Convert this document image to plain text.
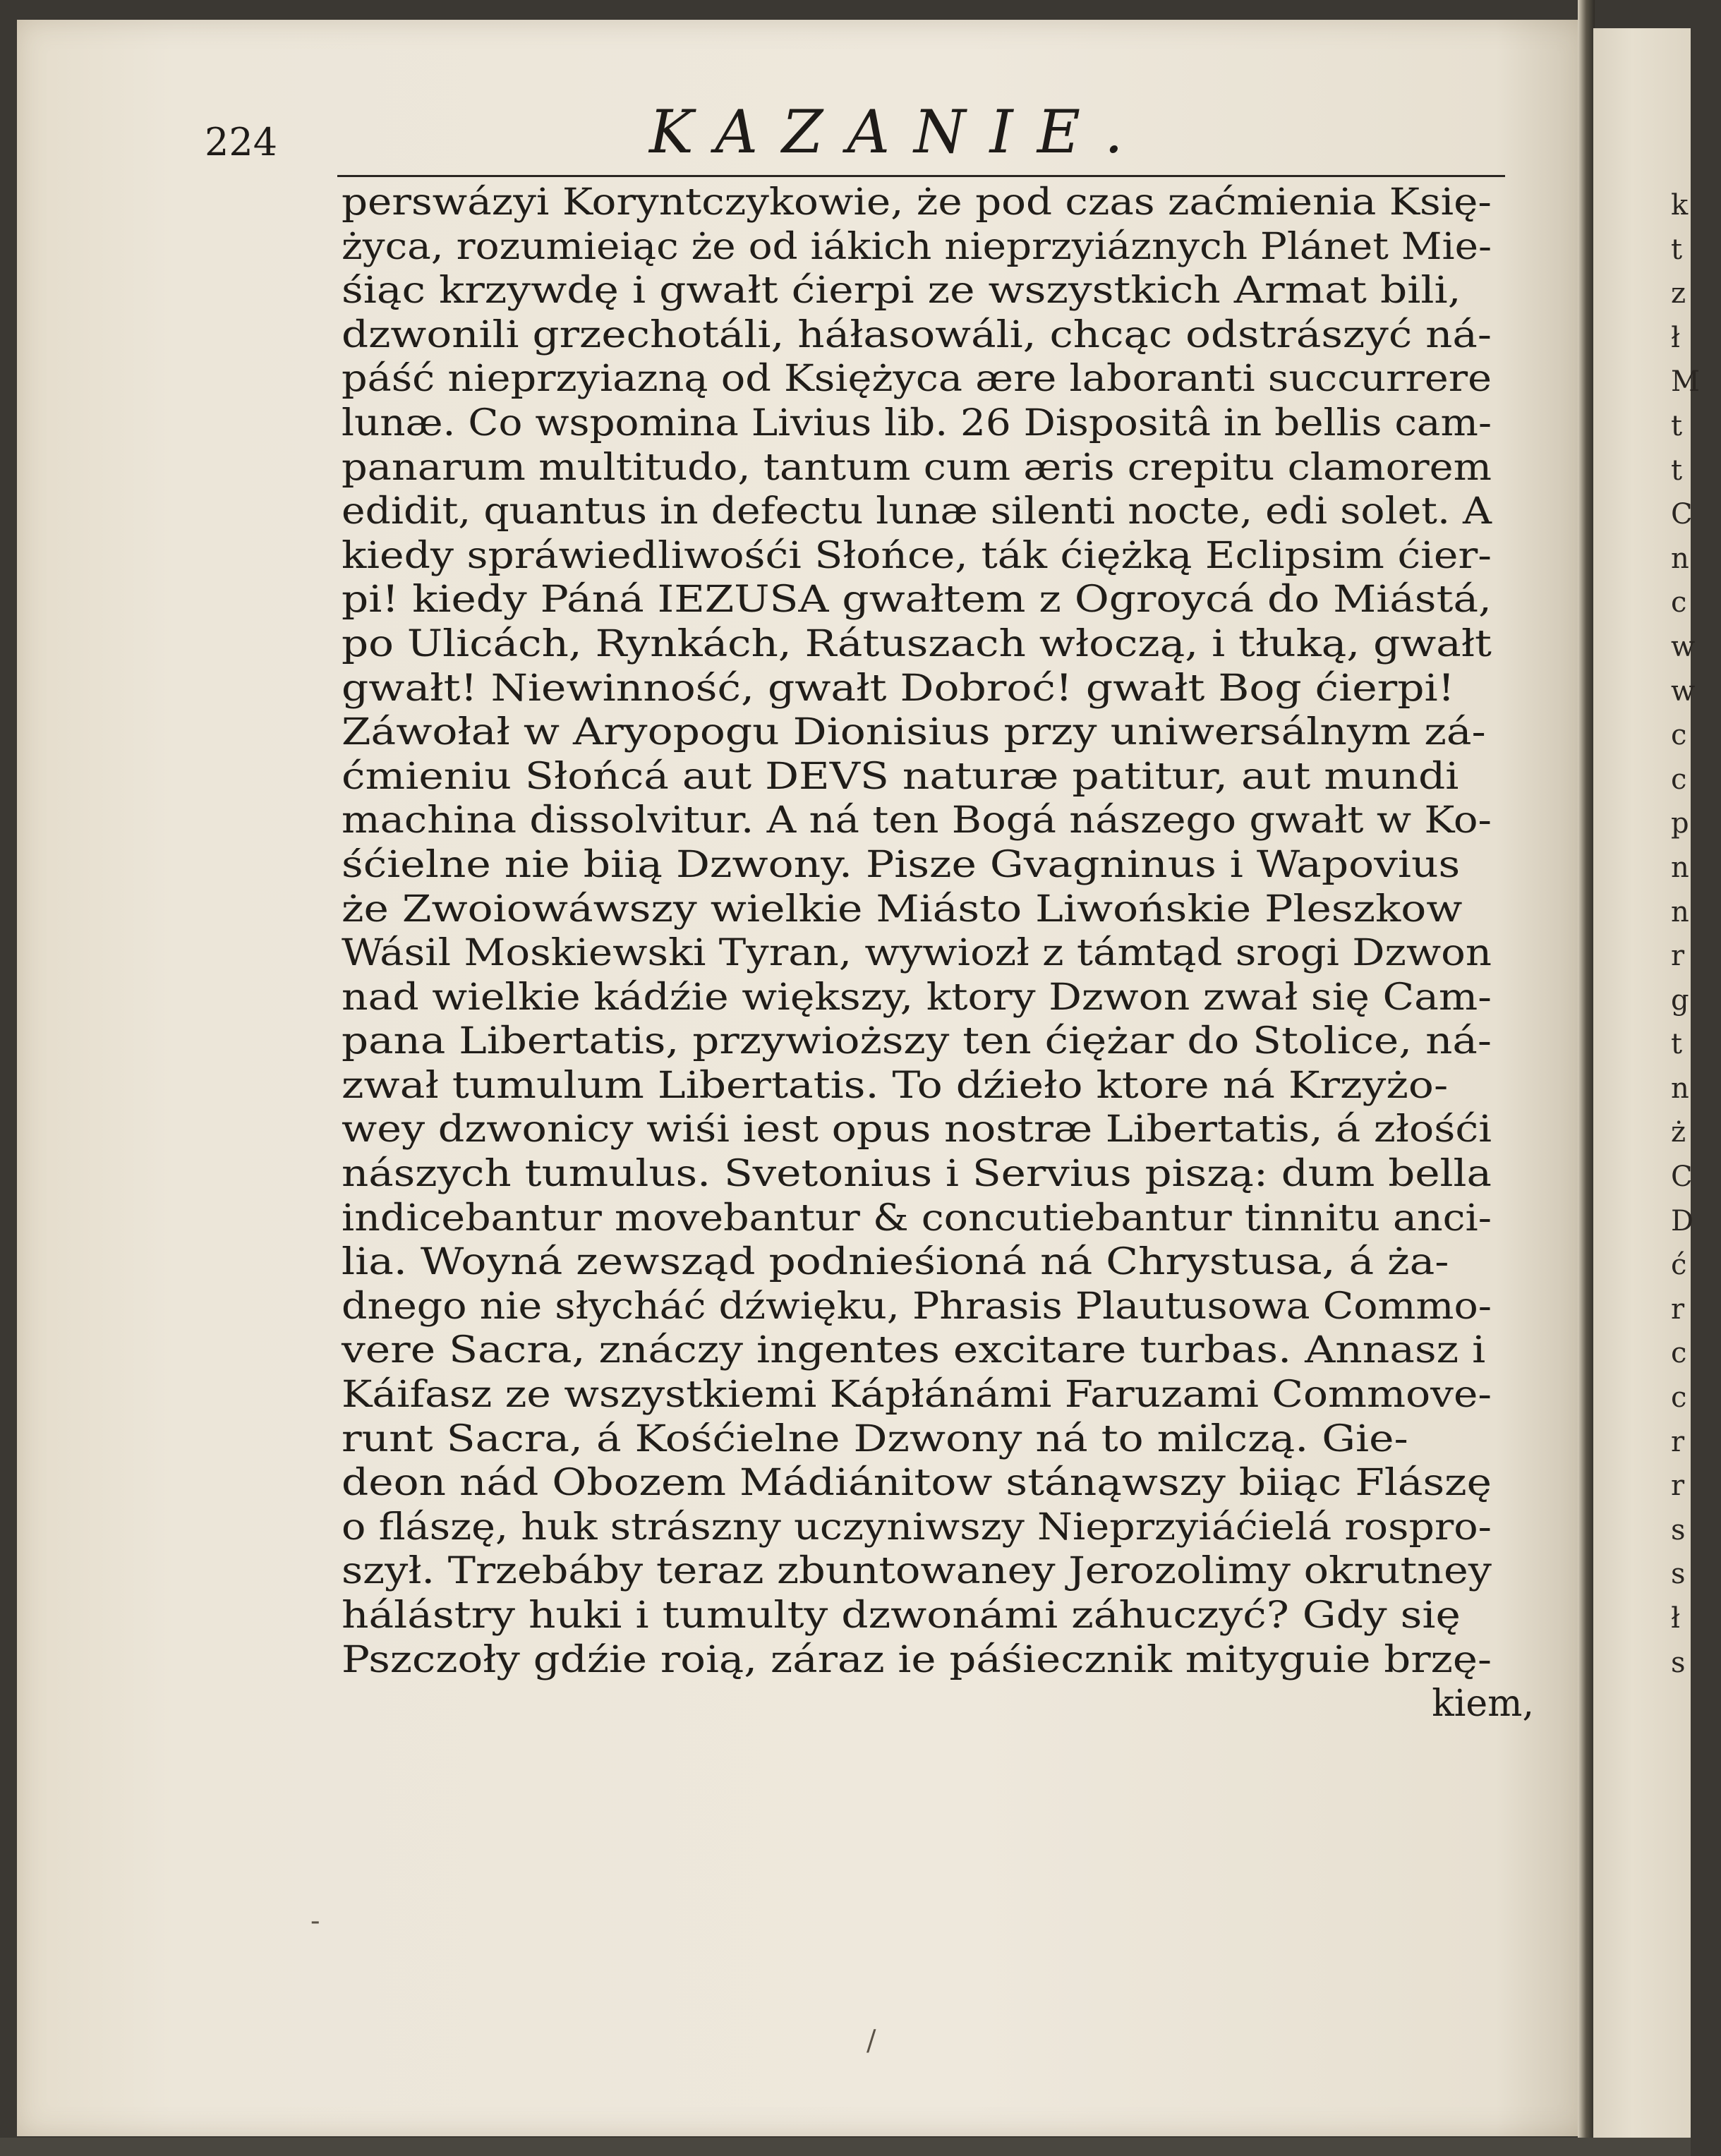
224	KAZANIE.
perswázyi Koryntczykowie, że pod czas zaćmienia Księ-
życa, rozumieiąc że od iákich nieprzyiáznych Plánet Mie-
śiąc krzywdę i gwałt ćierpi ze wszystkich Armat bili,
dzwonili grzechotáli, háłasowáli, chcąc odstrászyć ná-
páść nieprzyiazną od Księżyca ære laboranti succurrere
lunæ. Co wspomina Livius lib. 26 Dispositâ in bellis cam-
panarum multitudo, tantum cum æris crepitu clamorem
edidit, quantus in defectu lunæ silenti nocte, edi solet. A
kiedy spráwiedliwośći Słońce, ták ćiężką Eclipsim ćier-
pi! kiedy Páná IEZUSA gwałtem z Ogroycá do Miástá,
po Ulicách, Rynkách, Rátuszach włoczą, i tłuką, gwałt
gwałt! Niewinność, gwałt Dobroć! gwałt Bog ćierpi!
Záwołał w Aryopogu Dionisius przy uniwersálnym zá-
ćmieniu Słońcá aut DEVS naturæ patitur, aut mundi
machina dissolvitur. A ná ten Bogá nászego gwałt w Ko-
śćielne nie biią Dzwony. Pisze Gvagninus i Wapovius
że Zwoiowáwszy wielkie Miásto Liwońskie Pleszkow
Wásil Moskiewski Tyran, wywiozł z támtąd srogi Dzwon
nad wielkie kádźie większy, ktory Dzwon zwał się Cam-
pana Libertatis, przywioższy ten ćiężar do Stolice, ná-
zwał tumulum Libertatis. To dźieło ktore ná Krzyżo-
wey dzwonicy wiśi iest opus nostræ Libertatis, á złośći
nászych tumulus. Svetonius i Servius piszą: dum bella
indicebantur movebantur & concutiebantur tinnitu anci-
lia. Woyná zewsząd podnieśioná ná Chrystusa, á ża-
dnego nie słycháć dźwięku, Phrasis Plautusowa Commo-
vere Sacra, znáczy ingentes excitare turbas. Annasz i
Káifasz ze wszystkiemi Kápłánámi Faruzami Commove-
runt Sacra, á Kośćielne Dzwony ná to milczą. Gie-
deon nád Obozem Mádiánitow stánąwszy biiąc Flászę
o flászę, huk strászny uczyniwszy Nieprzyiáćielá rospro-
szył. Trzebáby teraz zbuntowaney Jerozolimy okrutney
hálástry huki i tumulty dzwonámi záhuczyć? Gdy się
Pszczoły gdźie roią, záraz ie páśiecznik mityguie brzę-
kiem,
k
t
z
ł
M
t
t
C
n
c
w
w
c
c
p
n
n
r
g
t
n
ż
C
D
ć
r
c
c
r
r
s
s
ł
s
-
/
